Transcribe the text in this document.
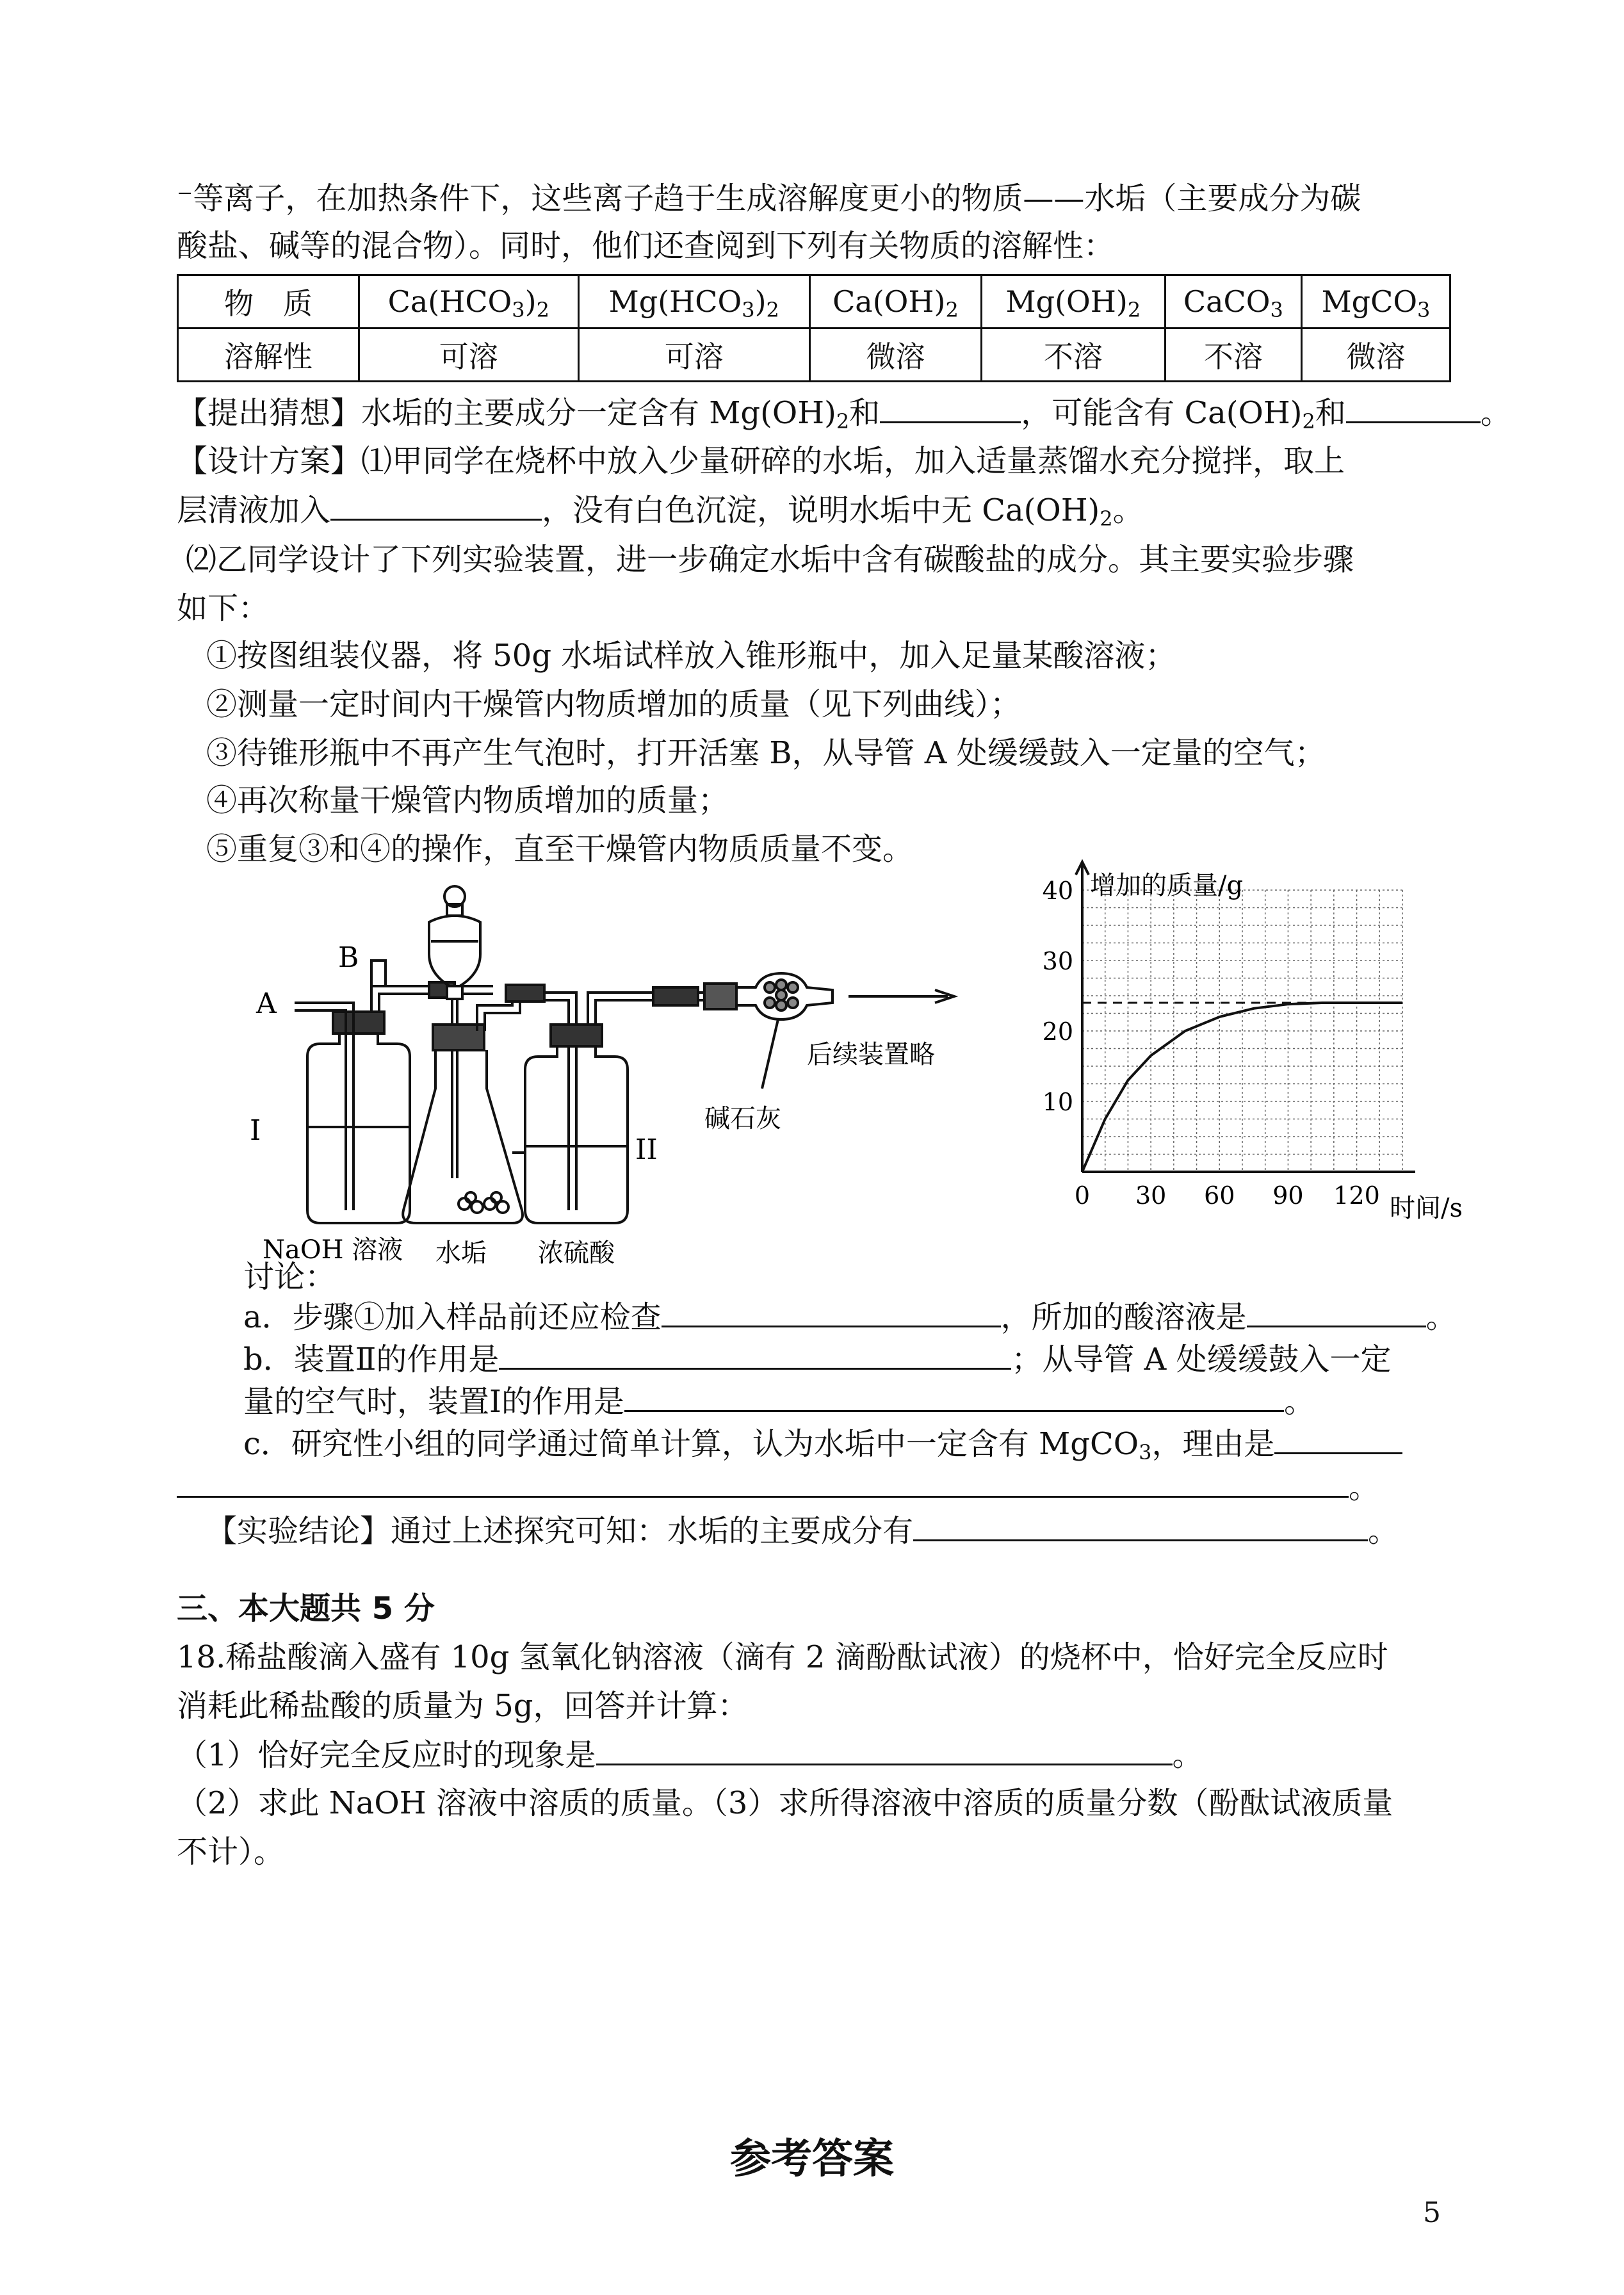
⁻等离子，在加热条件下，这些离子趋于生成溶解度更小的物质——水垢（主要成分为碳
酸盐、碱等的混合物）。同时，他们还查阅到下列有关物质的溶解性：
物　质	$Ca(HCO_3)_2$	$Mg(HCO_3)_2$	$Ca(OH)_2$	$Mg(OH)_2$	CaCO$_3$	MgCO$_3$
溶解性	可溶	可溶	微溶	不溶	不溶	微溶
【提出猜想】水垢的主要成分一定含有 $Mg(OH)_2$和	，可能含有 $Ca(OH)_2$和	。
【设计方案】⑴甲同学在烧杯中放入少量研碎的水垢，加入适量蒸馏水充分搅拌，取上
层清液加入	，没有白色沉淀，说明水垢中无 $Ca(OH)_2$。
⑵乙同学设计了下列实验装置，进一步确定水垢中含有碳酸盐的成分。其主要实验步骤
如下：
①按图组装仪器，将 50g 水垢试样放入锥形瓶中，加入足量某酸溶液；
②测量一定时间内干燥管内物质增加的质量（见下列曲线）；
③待锥形瓶中不再产生气泡时，打开活塞 B，从导管 A 处缓缓鼓入一定量的空气；
④再次称量干燥管内物质增加的质量；
⑤重复③和④的操作，直至干燥管内物质质量不变。
A
B
I
II
NaOH 溶液 水垢 浓硫酸
碱石灰
后续装置略
0 30 60 90 120
10
20
30
40 增加的质量/g
时间/s
讨论：
a．步骤①加入样品前还应检查	，所加的酸溶液是	。
b．装置Ⅱ的作用是	；从导管 A 处缓缓鼓入一定
量的空气时，装置Ⅰ的作用是	。
c．研究性小组的同学通过简单计算，认为水垢中一定含有 MgCO$_3$，理由是
。
【实验结论】通过上述探究可知：水垢的主要成分有	。
三、本大题共 5 分
18.稀盐酸滴入盛有 10g 氢氧化钠溶液（滴有 2 滴酚酞试液）的烧杯中，恰好完全反应时
消耗此稀盐酸的质量为 5g，回答并计算：
（1）恰好完全反应时的现象是	。
（2）求此 NaOH 溶液中溶质的质量。（3）求所得溶液中溶质的质量分数（酚酞试液质量
不计）。
参考答案
5
